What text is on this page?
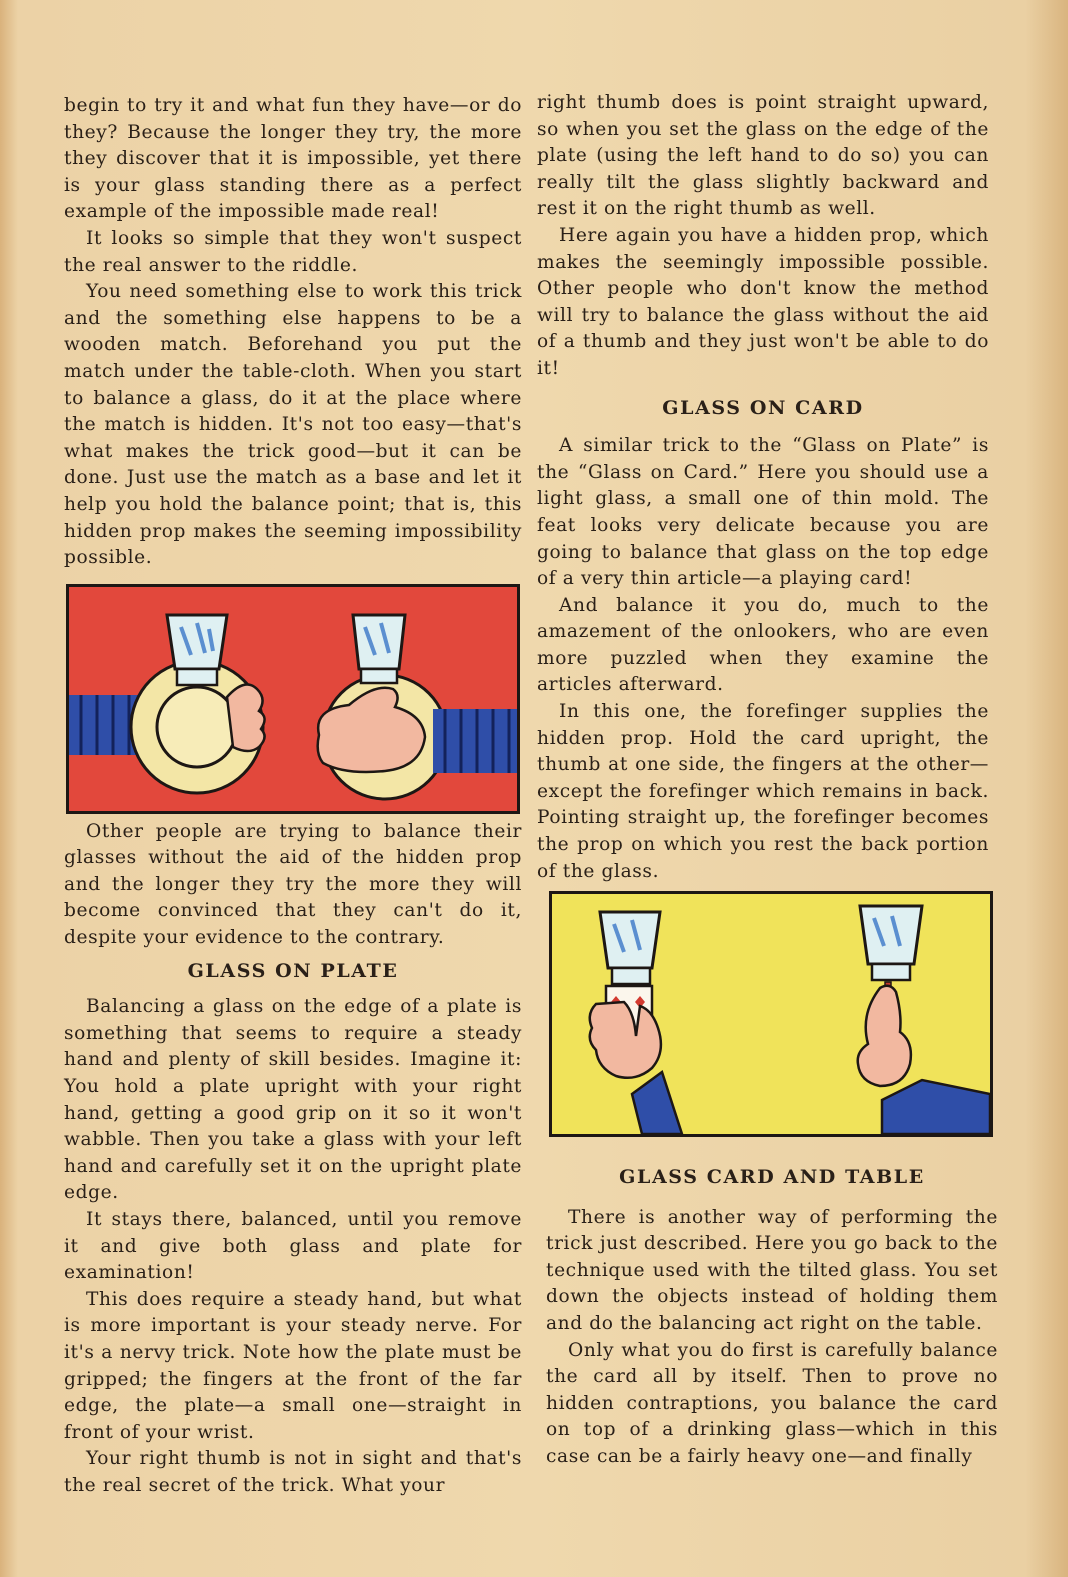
begin to try it and what fun they have—or do they? Because the longer they try, the more they discover that it is impossible, yet there is your glass standing there as a perfect example of the impossible made real!

It looks so simple that they won't suspect the real answer to the riddle.

You need something else to work this trick and the something else happens to be a wooden match. Beforehand you put the match under the table-cloth. When you start to balance a glass, do it at the place where the match is hidden. It's not too easy—that's what makes the trick good—but it can be done. Just use the match as a base and let it help you hold the balance point; that is, this hidden prop makes the seeming impossibility possible.

Other people are trying to balance their glasses without the aid of the hidden prop and the longer they try the more they will become convinced that they can't do it, despite your evidence to the contrary.

GLASS ON PLATE

Balancing a glass on the edge of a plate is something that seems to require a steady hand and plenty of skill besides. Imagine it: You hold a plate upright with your right hand, getting a good grip on it so it won't wabble. Then you take a glass with your left hand and carefully set it on the upright plate edge.

It stays there, balanced, until you remove it and give both glass and plate for examination!

This does require a steady hand, but what is more important is your steady nerve. For it's a nervy trick. Note how the plate must be gripped; the fingers at the front of the far edge, the plate—a small one—straight in front of your wrist.

Your right thumb is not in sight and that's the real secret of the trick. What your

right thumb does is point straight upward, so when you set the glass on the edge of the plate (using the left hand to do so) you can really tilt the glass slightly backward and rest it on the right thumb as well.

Here again you have a hidden prop, which makes the seemingly impossible possible. Other people who don't know the method will try to balance the glass without the aid of a thumb and they just won't be able to do it!

GLASS ON CARD

A similar trick to the “Glass on Plate” is the “Glass on Card.” Here you should use a light glass, a small one of thin mold. The feat looks very delicate because you are going to balance that glass on the top edge of a very thin article—a playing card!

And balance it you do, much to the amazement of the onlookers, who are even more puzzled when they examine the articles afterward.

In this one, the forefinger supplies the hidden prop. Hold the card upright, the thumb at one side, the fingers at the other—except the forefinger which remains in back. Pointing straight up, the forefinger becomes the prop on which you rest the back portion of the glass.

GLASS CARD AND TABLE

There is another way of performing the trick just described. Here you go back to the technique used with the tilted glass. You set down the objects instead of holding them and do the balancing act right on the table.

Only what you do first is carefully balance the card all by itself. Then to prove no hidden contraptions, you balance the card on top of a drinking glass—which in this case can be a fairly heavy one—and finally
